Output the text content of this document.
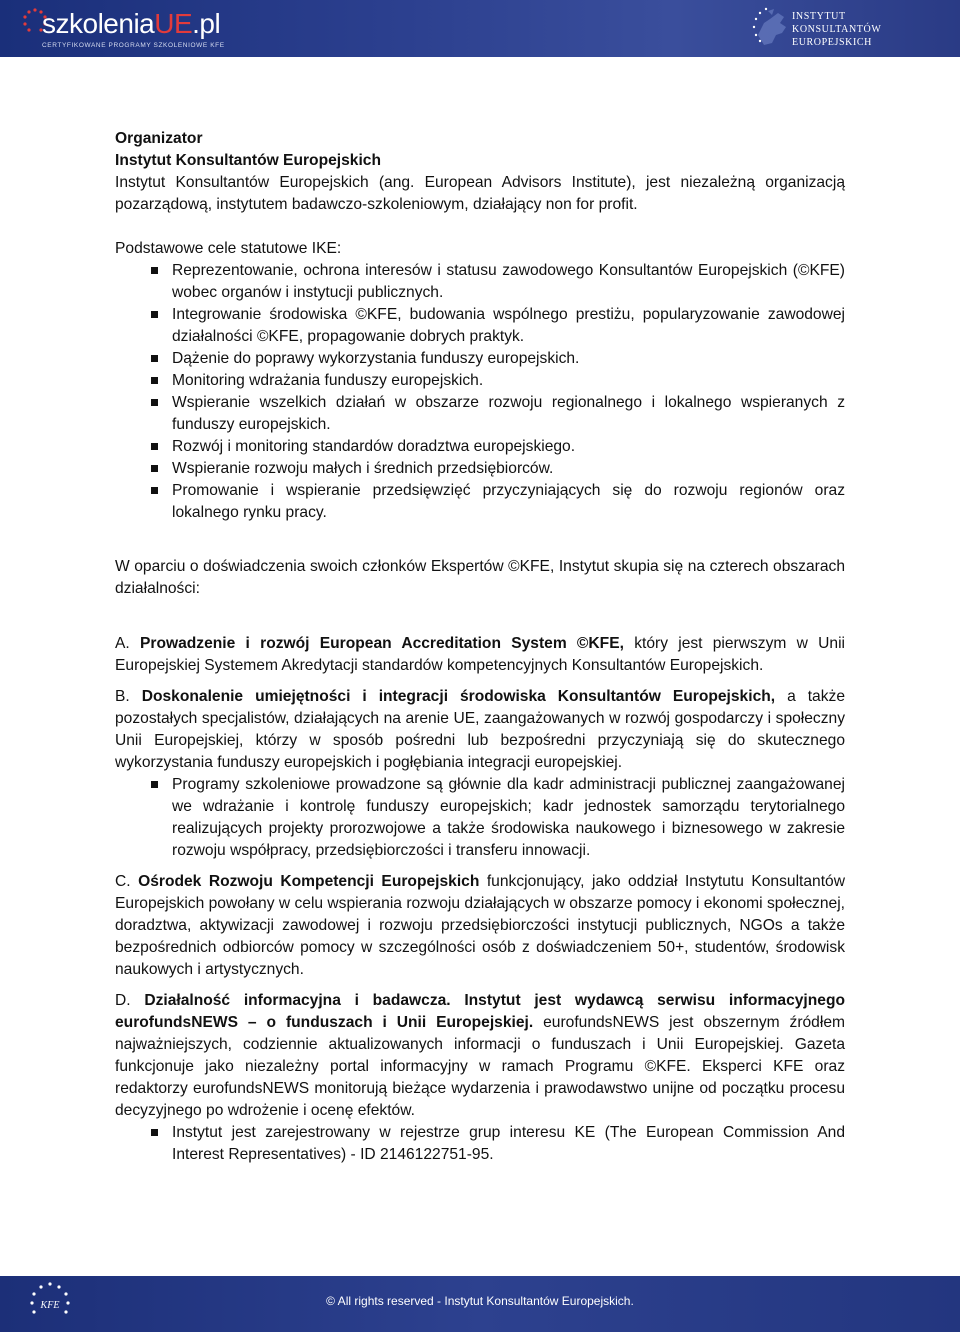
szkoleniaUE.pl
CERTYFIKOWANE PROGRAMY SZKOLENIOWE KFE
INSTYTUT
KONSULTANTÓW
EUROPEJSKICH

Organizator

Instytut Konsultantów Europejskich

Instytut Konsultantów Europejskich (ang. European Advisors Institute), jest niezależną organizacją pozarządową, instytutem badawczo-szkoleniowym, działający non for profit.

Podstawowe cele statutowe IKE:

Reprezentowanie, ochrona interesów i statusu zawodowego Konsultantów Europejskich (©KFE) wobec organów i instytucji publicznych.
Integrowanie środowiska ©KFE, budowania wspólnego prestiżu, popularyzowanie zawodowej działalności ©KFE, propagowanie dobrych praktyk.
Dążenie do poprawy wykorzystania funduszy europejskich.
Monitoring wdrażania funduszy europejskich.
Wspieranie wszelkich działań w obszarze rozwoju regionalnego i lokalnego wspieranych z funduszy europejskich.
Rozwój i monitoring standardów doradztwa europejskiego.
Wspieranie rozwoju małych i średnich przedsiębiorców.
Promowanie i wspieranie przedsięwzięć przyczyniających się do rozwoju regionów oraz lokalnego rynku pracy.

W oparciu o doświadczenia swoich członków Ekspertów ©KFE, Instytut skupia się na czterech obszarach działalności:

A. Prowadzenie i rozwój European Accreditation System ©KFE, który jest pierwszym w Unii Europejskiej Systemem Akredytacji standardów kompetencyjnych Konsultantów Europejskich.

B. Doskonalenie umiejętności i integracji środowiska Konsultantów Europejskich, a także pozostałych specjalistów, działających na arenie UE, zaangażowanych w rozwój gospodarczy i społeczny Unii Europejskiej, którzy w sposób pośredni lub bezpośredni przyczyniają się do skutecznego wykorzystania funduszy europejskich i pogłębiania integracji europejskiej.

Programy szkoleniowe prowadzone są głównie dla kadr administracji publicznej zaangażowanej we wdrażanie i kontrolę funduszy europejskich; kadr jednostek samorządu terytorialnego realizujących projekty prorozwojowe a także środowiska naukowego i biznesowego w zakresie rozwoju współpracy, przedsiębiorczości i transferu innowacji.

C. Ośrodek Rozwoju Kompetencji Europejskich funkcjonujący, jako oddział Instytutu Konsultantów Europejskich powołany w celu wspierania rozwoju działających w obszarze pomocy i ekonomi społecznej, doradztwa, aktywizacji zawodowej i rozwoju przedsiębiorczości instytucji publicznych, NGOs a także bezpośrednich odbiorców pomocy w szczególności osób z doświadczeniem 50+, studentów, środowisk naukowych i artystycznych.

D. Działalność informacyjna i badawcza. Instytut jest wydawcą serwisu informacyjnego eurofundsNEWS – o funduszach i Unii Europejskiej. eurofundsNEWS jest obszernym źródłem najważniejszych, codziennie aktualizowanych informacji o funduszach i Unii Europejskiej. Gazeta funkcjonuje jako niezależny portal informacyjny w ramach Programu ©KFE. Eksperci KFE oraz redaktorzy eurofundsNEWS monitorują bieżące wydarzenia i prawodawstwo unijne od początku procesu decyzyjnego po wdrożenie i ocenę efektów.

Instytut jest zarejestrowany w rejestrze grup interesu KE (The European Commission And Interest Representatives) - ID 2146122751-95.
KFE	© All rights reserved - Instytut Konsultantów Europejskich.
